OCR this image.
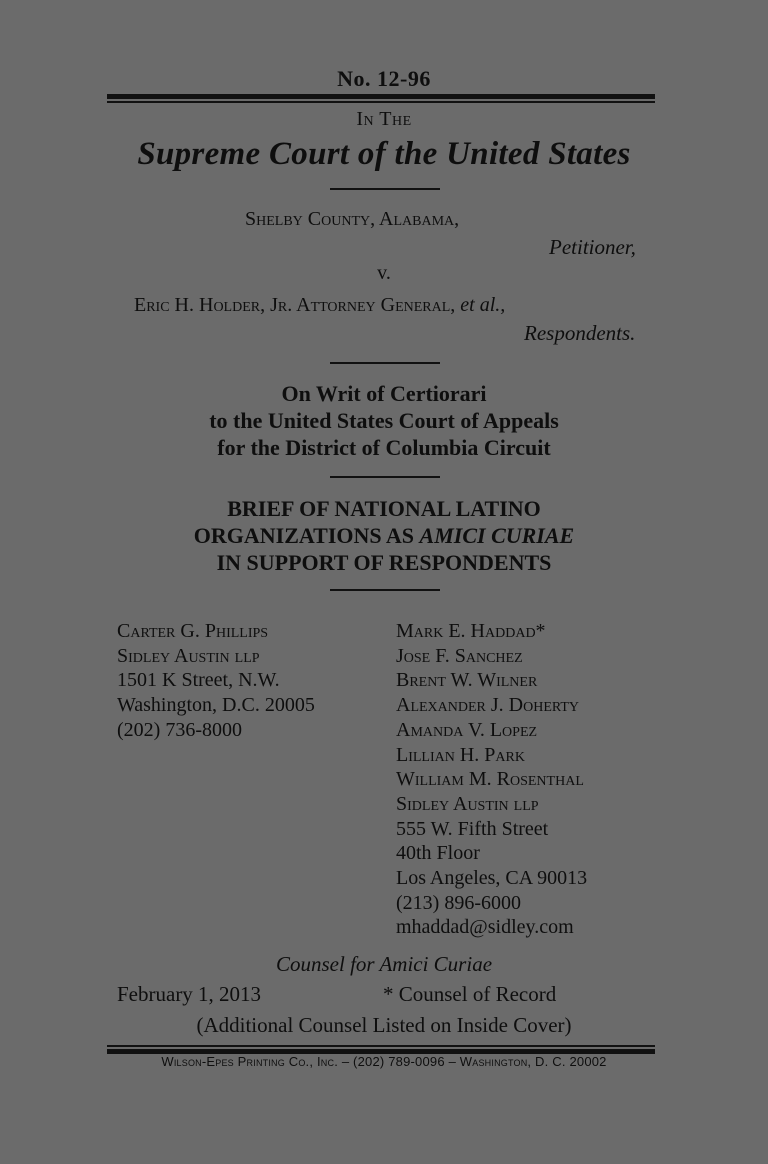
No. 12-96
In The
Supreme Court of the United States
Shelby County, Alabama,
Petitioner,
v.
Eric H. Holder, Jr. Attorney General, et al.,
Respondents.
On Writ of Certiorari
to the United States Court of Appeals
for the District of Columbia Circuit
BRIEF OF NATIONAL LATINO
ORGANIZATIONS AS AMICI CURIAE
IN SUPPORT OF RESPONDENTS
Carter G. Phillips
Sidley Austin llp
1501 K Street, N.W.
Washington, D.C. 20005
(202) 736-8000
Mark E. Haddad*
Jose F. Sanchez
Brent W. Wilner
Alexander J. Doherty
Amanda V. Lopez
Lillian H. Park
William M. Rosenthal
Sidley Austin llp
555 W. Fifth Street
40th Floor
Los Angeles, CA 90013
(213) 896-6000
mhaddad@sidley.com
Counsel for Amici Curiae
February 1, 2013	* Counsel of Record
(Additional Counsel Listed on Inside Cover)
Wilson-Epes Printing Co., Inc. – (202) 789-0096 – Washington, D. C. 20002
